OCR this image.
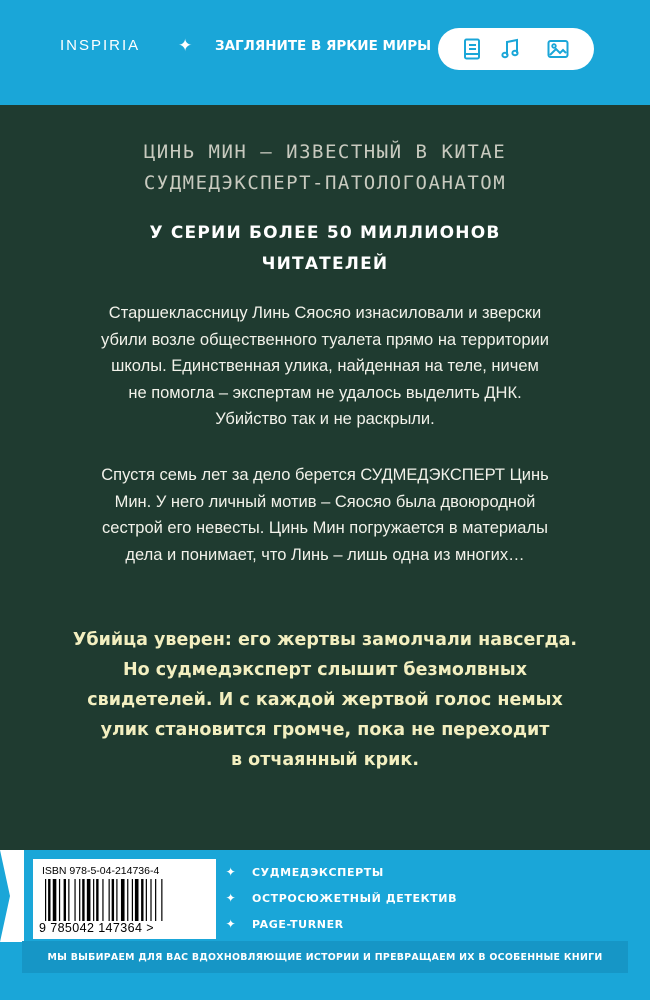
INSPIRIA ✦ ЗАГЛЯНИТЕ В ЯРКИЕ МИРЫ
ЦИНЬ МИН – ИЗВЕСТНЫЙ В КИТАЕ
СУДМЕДЭКСПЕРТ-ПАТОЛОГОАНАТОМ
У СЕРИИ БОЛЕЕ 50 МИЛЛИОНОВ
ЧИТАТЕЛЕЙ
Старшеклассницу Линь Сяосяо изнасиловали и зверски
убили возле общественного туалета прямо на территории
школы. Единственная улика, найденная на теле, ничем
не помогла – экспертам не удалось выделить ДНК.
Убийство так и не раскрыли.
Спустя семь лет за дело берется СУДМЕДЭКСПЕРТ Цинь
Мин. У него личный мотив – Сяосяо была двоюродной
сестрой его невесты. Цинь Мин погружается в материалы
дела и понимает, что Линь – лишь одна из многих…
Убийца уверен: его жертвы замолчали навсегда.
Но судмедэксперт слышит безмолвных
свидетелей. И с каждой жертвой голос немых
улик становится громче, пока не переходит
в отчаянный крик.
ISBN 978-5-04-214736-4
9 785042 147364 >
✦	СУДМЕДЭКСПЕРТЫ
✦	ОСТРОСЮЖЕТНЫЙ ДЕТЕКТИВ
✦	PAGE-TURNER
МЫ ВЫБИРАЕМ ДЛЯ ВАС ВДОХНОВЛЯЮЩИЕ ИСТОРИИ И ПРЕВРАЩАЕМ ИХ В ОСОБЕННЫЕ КНИГИ
